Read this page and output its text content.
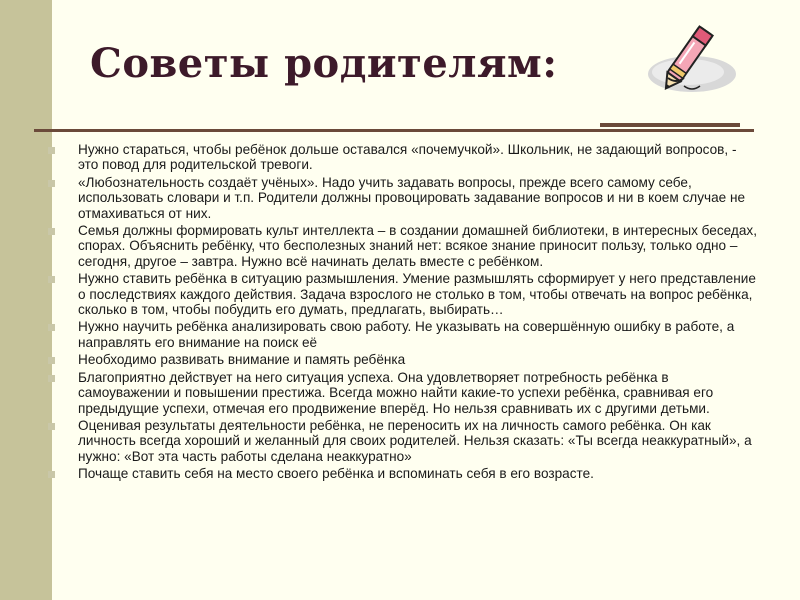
Советы родителям:
Нужно стараться, чтобы ребёнок дольше оставался «почемучкой». Школьник, не задающий вопросов, - это повод для родительской тревоги.
«Любознательность создаёт учёных». Надо учить задавать вопросы, прежде всего самому себе, использовать словари и т.п. Родители должны провоцировать задавание вопросов и ни в коем случае не отмахиваться от них.
Семья должны формировать культ интеллекта – в создании домашней библиотеки, в интересных беседах, спорах. Объяснить ребёнку, что бесполезных знаний нет: всякое знание приносит пользу, только одно – сегодня, другое – завтра. Нужно всё начинать делать вместе с ребёнком.
Нужно ставить ребёнка в ситуацию размышления. Умение размышлять сформирует у него представление о последствиях каждого действия. Задача взрослого не столько в том, чтобы отвечать на вопрос ребёнка, сколько в том, чтобы побудить его думать, предлагать, выбирать…
Нужно научить ребёнка анализировать свою работу. Не указывать на совершённую ошибку в работе, а направлять его внимание на поиск её
Необходимо развивать внимание и память ребёнка
Благоприятно действует на него ситуация успеха. Она удовлетворяет потребность ребёнка в самоуважении и повышении престижа. Всегда можно найти какие-то успехи ребёнка, сравнивая его предыдущие успехи, отмечая его продвижение вперёд. Но нельзя сравнивать их с другими детьми.
Оценивая результаты деятельности ребёнка, не переносить их на личность самого ребёнка. Он как личность всегда хороший и желанный для своих родителей. Нельзя сказать: «Ты всегда неаккуратный», а нужно: «Вот эта часть работы сделана неаккуратно»
Почаще ставить себя на место своего ребёнка и вспоминать себя в его возрасте.
